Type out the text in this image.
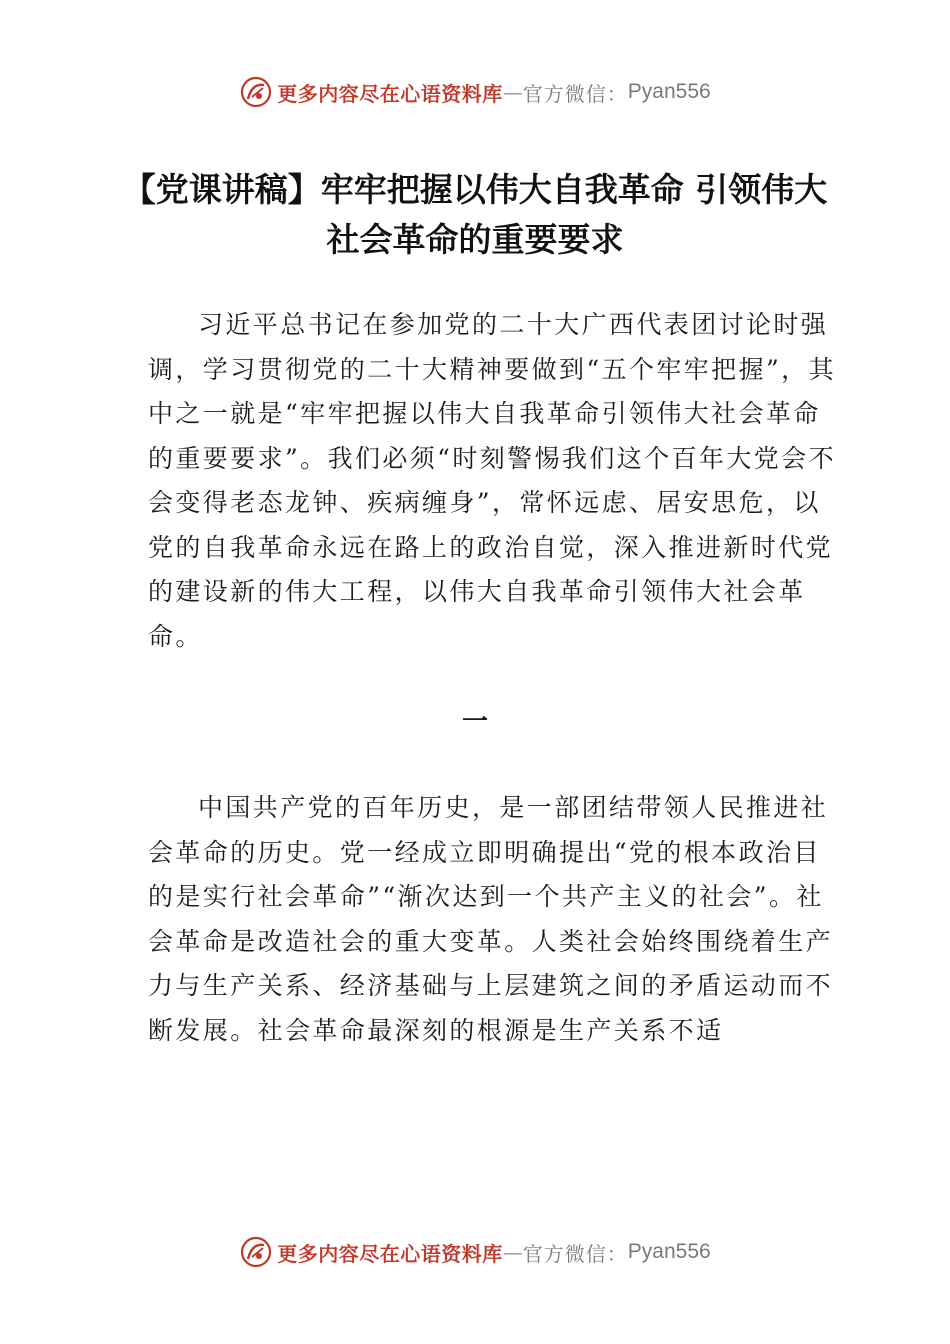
更多内容尽在心语资料库 — 官方微信： Pyan556
【党课讲稿】牢牢把握以伟大自我革命 引领伟大社会革命的重要要求

习近平总书记在参加党的二十大广西代表团讨论时强调，学习贯彻党的二十大精神要做到“五个牢牢把握”，其中之一就是“牢牢把握以伟大自我革命引领伟大社会革命的重要要求”。我们必须“时刻警惕我们这个百年大党会不会变得老态龙钟、疾病缠身”，常怀远虑、居安思危，以党的自我革命永远在路上的政治自觉，深入推进新时代党的建设新的伟大工程，以伟大自我革命引领伟大社会革命。

一

中国共产党的百年历史，是一部团结带领人民推进社会革命的历史。党一经成立即明确提出“党的根本政治目的是实行社会革命”“渐次达到一个共产主义的社会”。社会革命是改造社会的重大变革。人类社会始终围绕着生产力与生产关系、经济基础与上层建筑之间的矛盾运动而不断发展。社会革命最深刻的根源是生产关系不适

更多内容尽在心语资料库 — 官方微信： Pyan556
